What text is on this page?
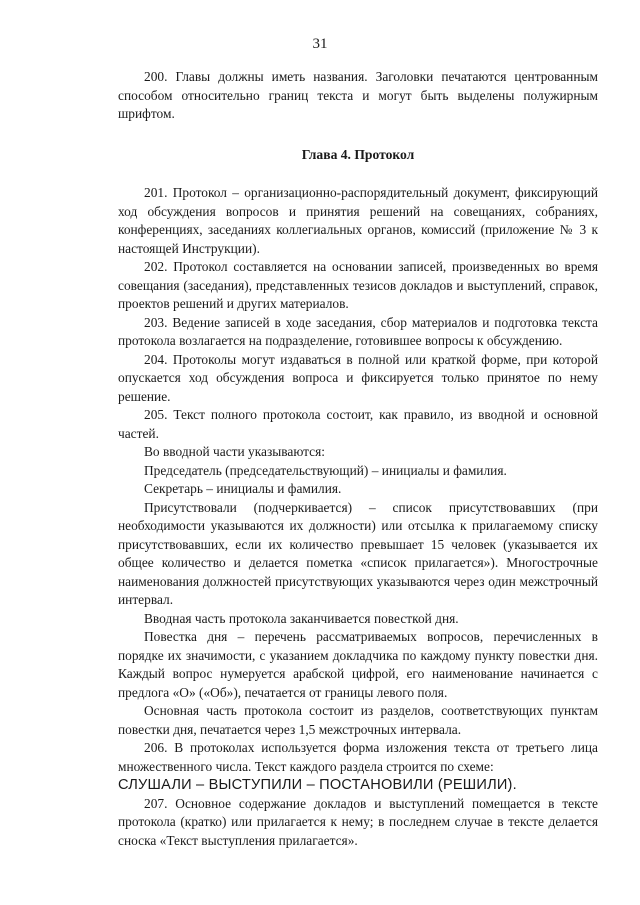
31

200. Главы должны иметь названия. Заголовки печатаются центрованным способом относительно границ текста и могут быть выделены полужирным шрифтом.

Глава 4. Протокол

201. Протокол – организационно-распорядительный документ, фиксирующий ход обсуждения вопросов и принятия решений на совещаниях, собраниях, конференциях, заседаниях коллегиальных органов, комиссий (приложение № 3 к настоящей Инструкции).

202. Протокол составляется на основании записей, произведенных во время совещания (заседания), представленных тезисов докладов и выступлений, справок, проектов решений и других материалов.

203. Ведение записей в ходе заседания, сбор материалов и подготовка текста протокола возлагается на подразделение, готовившее вопросы к обсуждению.

204. Протоколы могут издаваться в полной или краткой форме, при которой опускается ход обсуждения вопроса и фиксируется только принятое по нему решение.

205. Текст полного протокола состоит, как правило, из вводной и основной частей.

Во вводной части указываются:

Председатель (председательствующий) – инициалы и фамилия.

Секретарь – инициалы и фамилия.

Присутствовали (подчеркивается) – список присутствовавших (при необходимости указываются их должности) или отсылка к прилагаемому списку присутствовавших, если их количество превышает 15 человек (указывается их общее количество и делается пометка «список прилагается»). Многострочные наименования должностей присутствующих указываются через один межстрочный интервал.

Вводная часть протокола заканчивается повесткой дня.

Повестка дня – перечень рассматриваемых вопросов, перечисленных в порядке их значимости, с указанием докладчика по каждому пункту повестки дня. Каждый вопрос нумеруется арабской цифрой, его наименование начинается с предлога «О» («Об»), печатается от границы левого поля.

Основная часть протокола состоит из разделов, соответствующих пунктам повестки дня, печатается через 1,5 межстрочных интервала.

206. В протоколах используется форма изложения текста от третьего лица множественного числа. Текст каждого раздела строится по схеме:

СЛУШАЛИ – ВЫСТУПИЛИ – ПОСТАНОВИЛИ (РЕШИЛИ).

207. Основное содержание докладов и выступлений помещается в тексте протокола (кратко) или прилагается к нему; в последнем случае в тексте делается сноска «Текст выступления прилагается».
